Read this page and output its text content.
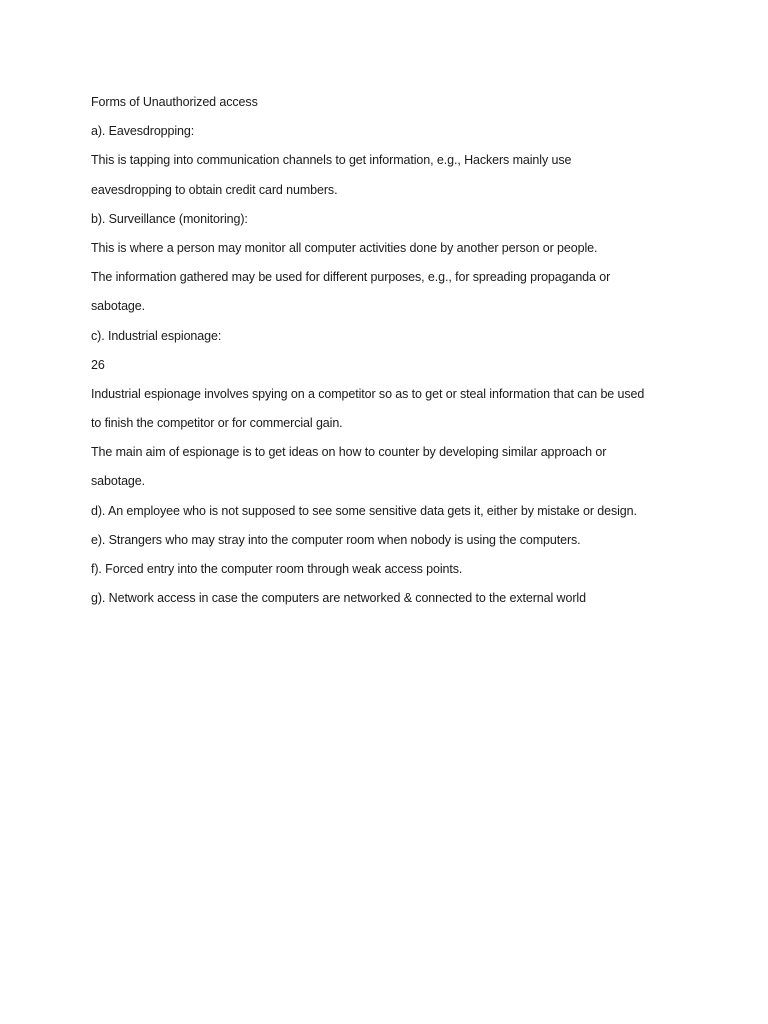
Forms of Unauthorized access
a). Eavesdropping:
This is tapping into communication channels to get information, e.g., Hackers mainly use
eavesdropping to obtain credit card numbers.
b). Surveillance (monitoring):
This is where a person may monitor all computer activities done by another person or people.
The information gathered may be used for different purposes, e.g., for spreading propaganda or
sabotage.
c). Industrial espionage:
26
Industrial espionage involves spying on a competitor so as to get or steal information that can be used
to finish the competitor or for commercial gain.
The main aim of espionage is to get ideas on how to counter by developing similar approach or
sabotage.
d). An employee who is not supposed to see some sensitive data gets it, either by mistake or design.
e). Strangers who may stray into the computer room when nobody is using the computers.
f). Forced entry into the computer room through weak access points.
g). Network access in case the computers are networked & connected to the external world
